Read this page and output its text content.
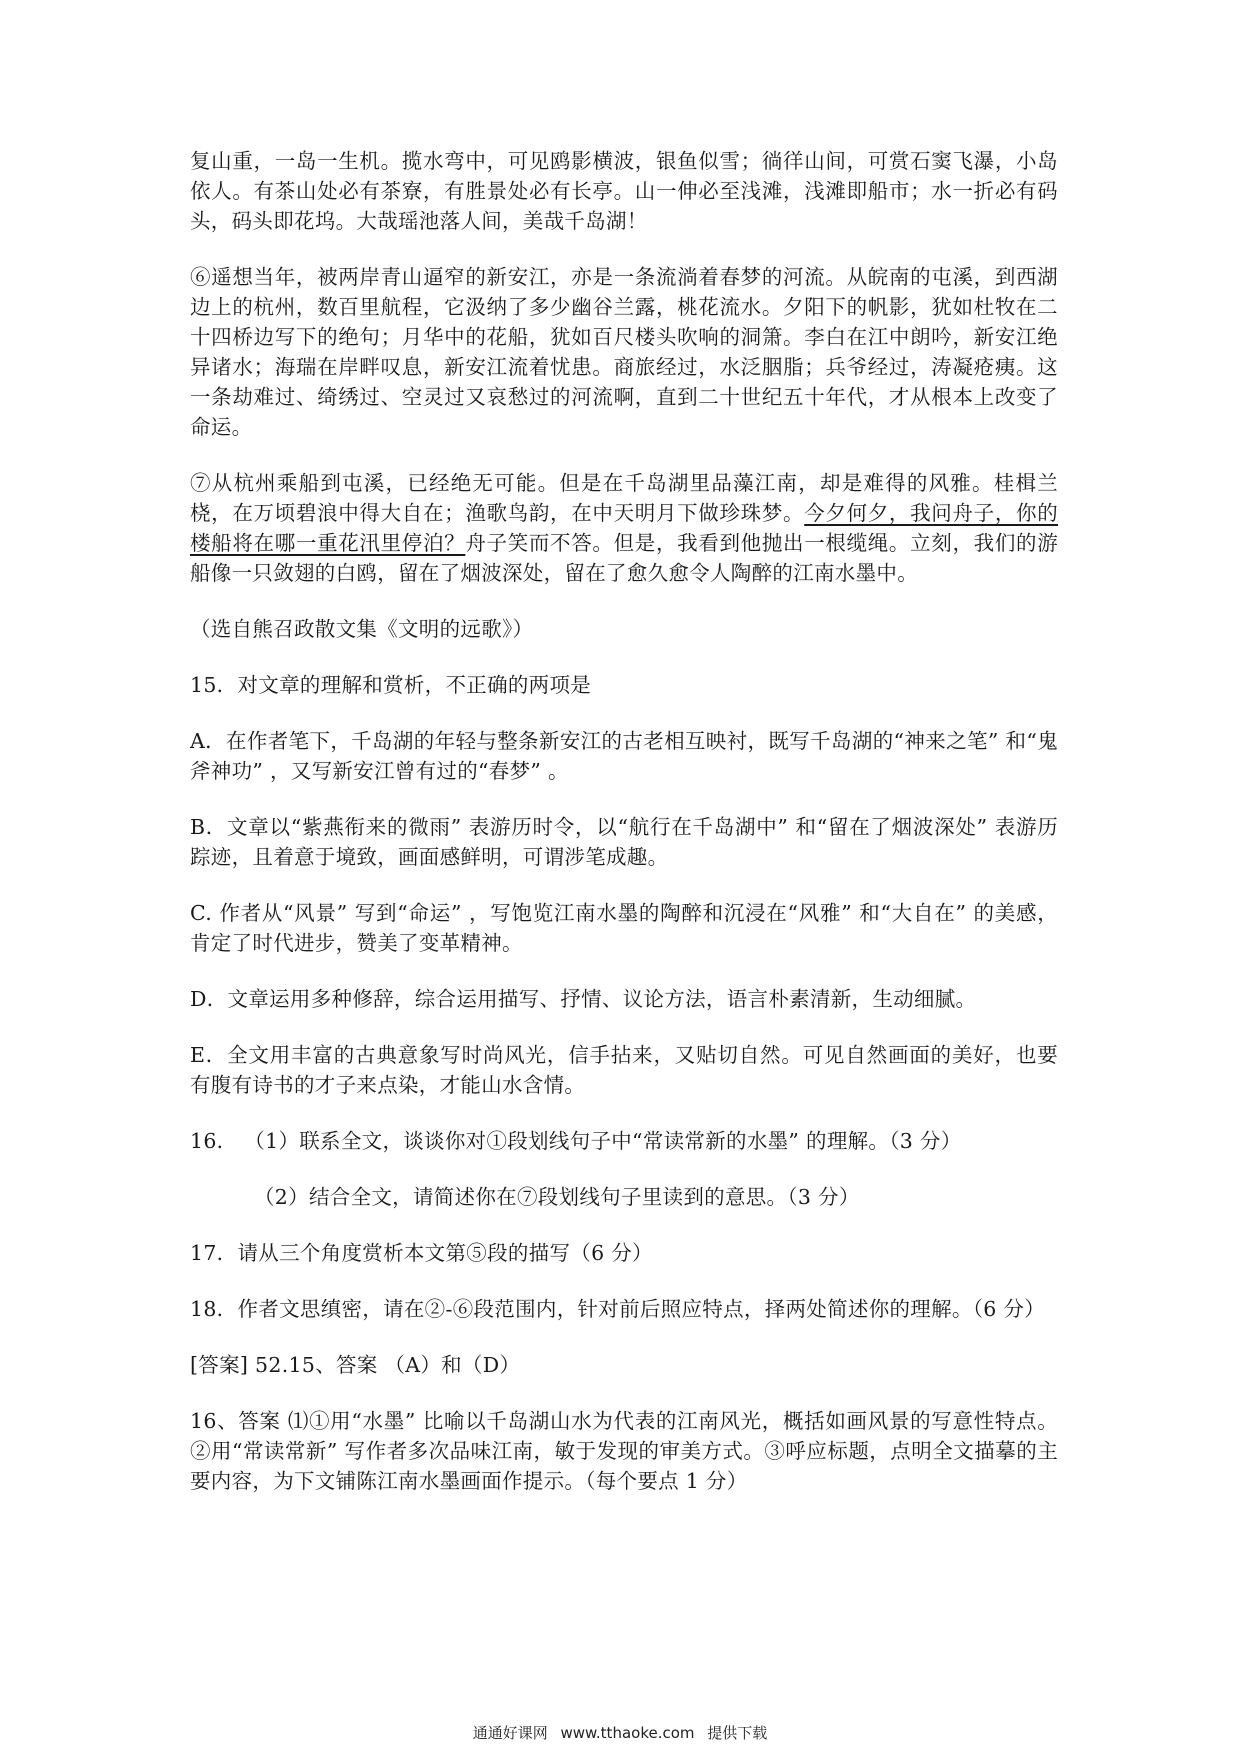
复山重，一岛一生机。揽水弯中，可见鸥影横波，银鱼似雪；徜徉山间，可赏石窦飞瀑，小岛依人。有茶山处必有茶寮，有胜景处必有长亭。山一伸必至浅滩，浅滩即船市；水一折必有码头，码头即花坞。大哉瑶池落人间，美哉千岛湖！

⑥遥想当年，被两岸青山逼窄的新安江，亦是一条流淌着春梦的河流。从皖南的屯溪，到西湖边上的杭州，数百里航程，它汲纳了多少幽谷兰露，桃花流水。夕阳下的帆影，犹如杜牧在二十四桥边写下的绝句；月华中的花船，犹如百尺楼头吹响的洞箫。李白在江中朗吟，新安江绝异诸水；海瑞在岸畔叹息，新安江流着忧患。商旅经过，水泛胭脂；兵爷经过，涛凝疮痍。这一条劫难过、绮绣过、空灵过又哀愁过的河流啊，直到二十世纪五十年代，才从根本上改变了命运。

⑦从杭州乘船到屯溪，已经绝无可能。但是在千岛湖里品藻江南，却是难得的风雅。桂楫兰桡，在万顷碧浪中得大自在；渔歌鸟韵，在中天明月下做珍珠梦。今夕何夕，我问舟子，你的楼船将在哪一重花汛里停泊？舟子笑而不答。但是，我看到他抛出一根缆绳。立刻，我们的游船像一只敛翅的白鸥，留在了烟波深处，留在了愈久愈令人陶醉的江南水墨中。

（选自熊召政散文集《文明的远歌》）

15．对文章的理解和赏析，不正确的两项是

A．在作者笔下，千岛湖的年轻与整条新安江的古老相互映衬，既写千岛湖的“神来之笔” 和“鬼斧神功” ，又写新安江曾有过的“春梦” 。

B．文章以“紫燕衔来的微雨” 表游历时令，以“航行在千岛湖中” 和“留在了烟波深处” 表游历踪迹，且着意于境致，画面感鲜明，可谓涉笔成趣。

C. 作者从“风景” 写到“命运” ，写饱览江南水墨的陶醉和沉浸在“风雅” 和“大自在” 的美感，肯定了时代进步，赞美了变革精神。

D．文章运用多种修辞，综合运用描写、抒情、议论方法，语言朴素清新，生动细腻。

E．全文用丰富的古典意象写时尚风光，信手拈来，又贴切自然。可见自然画面的美好，也要有腹有诗书的才子来点染，才能山水含情。

16． （1）联系全文，谈谈你对①段划线句子中“常读常新的水墨” 的理解。（3 分）

（2）结合全文，请简述你在⑦段划线句子里读到的意思。（3 分）

17．请从三个角度赏析本文第⑤段的描写（6 分）

18．作者文思缜密，请在②-⑥段范围内，针对前后照应特点，择两处简述你的理解。（6 分）

[答案] 52.15、答案 （A）和（D）

16、答案 ⑴①用“水墨” 比喻以千岛湖山水为代表的江南风光，概括如画风景的写意性特点。②用“常读常新” 写作者多次品味江南，敏于发现的审美方式。③呼应标题，点明全文描摹的主要内容，为下文铺陈江南水墨画面作提示。（每个要点 1 分）

通通好课网 www.tthaoke.com 提供下载
